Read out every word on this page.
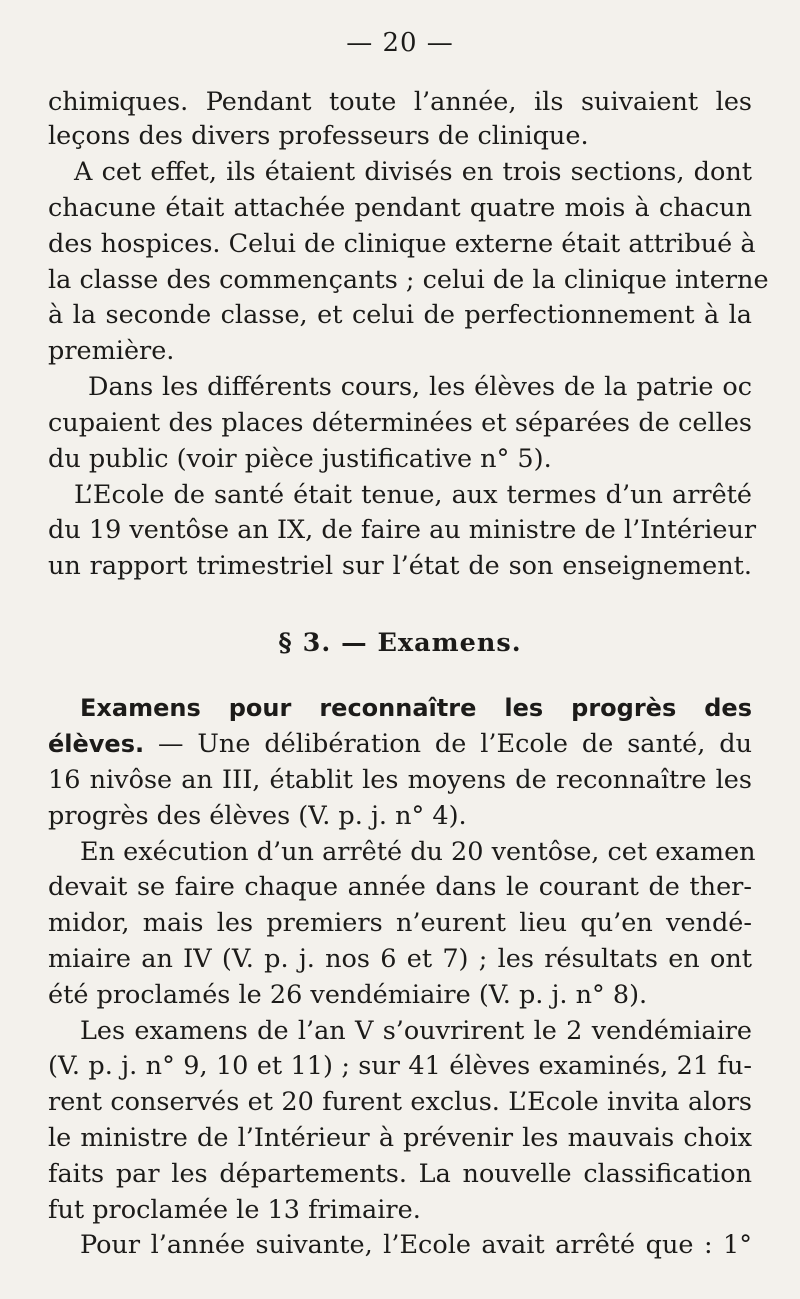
— 20 —
chimiques. Pendant toute l’année, ils suivaient les
leçons des divers professeurs de clinique.
A cet effet, ils étaient divisés en trois sections, dont
chacune était attachée pendant quatre mois à chacun
des hospices. Celui de clinique externe était attribué à
la classe des commençants ; celui de la clinique interne
à la seconde classe, et celui de perfectionnement à la
première.
Dans les différents cours, les élèves de la patrie oc
cupaient des places déterminées et séparées de celles
du public (voir pièce justificative n° 5).
L’Ecole de santé était tenue, aux termes d’un arrêté
du 19 ventôse an IX, de faire au ministre de l’Intérieur
un rapport trimestriel sur l’état de son enseignement.
§ 3. — Examens.
Examens pour reconnaître les progrès des
élèves. — Une délibération de l’Ecole de santé, du
16 nivôse an III, établit les moyens de reconnaître les
progrès des élèves (V. p. j. n° 4).
En exécution d’un arrêté du 20 ventôse, cet examen
devait se faire chaque année dans le courant de ther-
midor, mais les premiers n’eurent lieu qu’en vendé-
miaire an IV (V. p. j. nos 6 et 7) ; les résultats en ont
été proclamés le 26 vendémiaire (V. p. j. n° 8).
Les examens de l’an V s’ouvrirent le 2 vendémiaire
(V. p. j. n° 9, 10 et 11) ; sur 41 élèves examinés, 21 fu-
rent conservés et 20 furent exclus. L’Ecole invita alors
le ministre de l’Intérieur à prévenir les mauvais choix
faits par les départements. La nouvelle classification
fut proclamée le 13 frimaire.
Pour l’année suivante, l’Ecole avait arrêté que : 1°
